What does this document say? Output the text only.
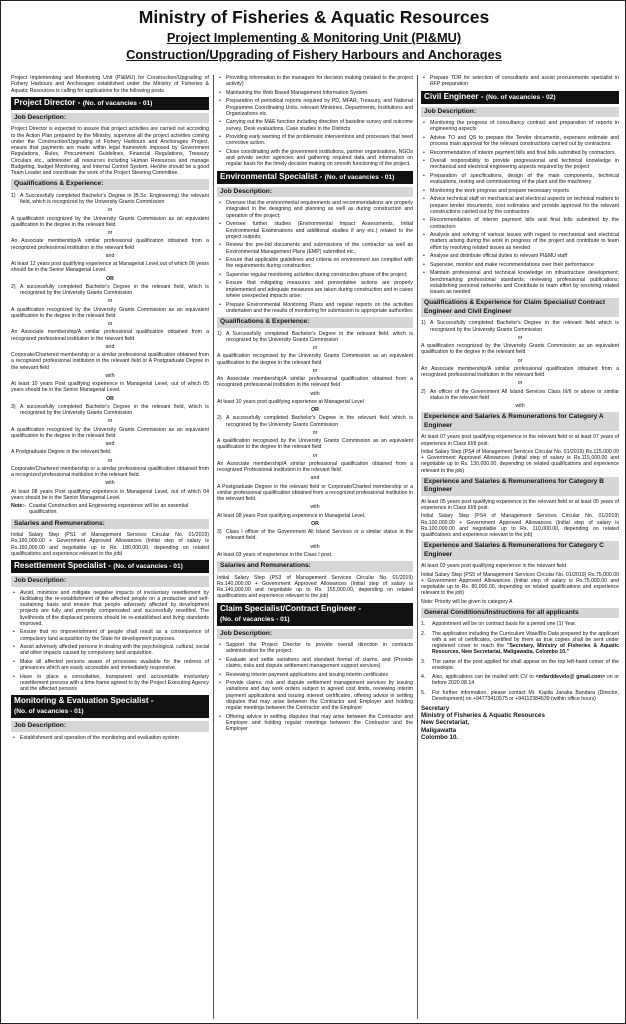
Ministry of Fisheries & Aquatic Resources
Project Implementing & Monitoring Unit (PI&MU)
Construction/Upgrading of Fishery Harbours and Anchorages

Project Implementing and Monitoring Unit (PI&MU) for Construction/Upgrading of Fishery Harbours and Anchorages established under the Ministry of Fisheries & Aquatic Resources is calling for applications for the following posts.

Project Director - (No. of vacancies - 01)
Job Description:

Project Director is expected to assure that project activities are carried out according to the Action Plan prepared by the Ministry, supervise all the project activities coming under the Construction/Upgrading of Fishery Harbours and Anchorages Project, ensure that payments are made within legal framework imposed by Government Regulations, Rules, Procurement Guidelines, Financial Regulations, Treasury Circulars etc., administer all resources including Human Resources and manage Budgeting, budget Monitoring, and Internal Control System. He/she should be a good Team Leader and coordinate the work of the Project Steering Committee.

Qualifications & Experience:
1) A Successfully completed Bachelor's Degree in (B.Sc. Engineering) the relevant field, which is recognized by the University Grants Commission
or

A qualification recognized by the University Grants Commission as an equivalent qualification to the degree in the relevant field

or

An Associate membership/A similar professional qualification obtained from a recognized professional institution in the relevant field

and

At least 12 years post qualifying experience at Managerial Level,out of which 06 years should be in the Senior Managerial Level.

OR
2) A successfully completed Bachelor's Degree in the relevant field, which is recognized by the University Grants Commission
or

A qualification recognized by the University Grants Commission as an equivalent qualification to the degree in the relevant field

or

An Associate membership/A similar professional qualification obtained from a recognized professional institution in the relevant field

and

Corporate/Chartered membership or a similar professional qualification obtained from a recognized professional institution in the relevant field or A Postgraduate Degree in the relevant field

with

At least 10 years Post qualifying experience in Managerial Level, out of which 05 years should be in the Senior Managerial Level.

OR
3) A successfully completed Bachelor's Degree in the relevant field, which is recognized by the University Grants Commission
or

A qualification recognized by the University Grants Commission as an equivalent qualification to the degree in the relevant field

and

A Postgraduate Degree in the relevant field.

or

Corporate/Chartered membership or a similar professional qualification obtained from a recognized professional institution in the relevant field.

with

At least 08 years Post qualifying experience in Managerial Level, out of which 04 years should be in the Senior Managerial Level.

Note:- Coastal Construction and Engineering experience will be an essential qualification.
Salaries and Remunerations:

Initial Salary Step (PS1 of Management Services Circular No. 01/2019) Rs.160,000.00 + Government Approved Allowances (Initial step of salary is Rs.160,000.00 and negotiable up to Rs. 180,000.00, depending on related qualifications and experience relevant to the job)

Resettlement Specialist - (No. of vacancies - 01)
Job Description:
• Avoid, minimize and mitigate negative impacts of involuntary resettlement by facilitating the re-establishment of the affected people on a productive and self-sustaining basis and ensure that people adversely affected by development projects are fully and promptly compensated and successfully resettled. The livelihoods of the displaced persons should be re-established and living standards improved.
• Ensure that no impoverishment of people shall result as a consequence of compulsory land acquisition by the State for development purposes.
• Assist adversely affected persons in dealing with the psychological, cultural, social and other impacts caused by compulsory land acquisition.
• Make all affected persons aware of processes available for the redress of grievances which are easily accessible and immediately responsive.
• Have in place a consultative, transparent and accountable involuntary resettlement process with a time frame agreed to by the Project Executing Agency and the affected persons
Monitoring & Evaluation Specialist -
(No. of vacancies - 01)
Job Description:
• Establishment and operation of the monitoring and evaluation system
• Providing information to the managers for decision making (related to the project activity)
• Maintaining the Web Based Management Information System.
• Preparation of periodical reports required by PD, MFAR, Treasury, and National Programme Coordinating Units, relevant Ministries, Departments, Institutions and Organizations etc.
• Carrying out the M&E function including direction of baseline survey and outcome survey, Desk evaluations, Case studies in the Districts
• Providing early warning of the problematic interventions and processes that need corrective action.
• Close coordinating with the government institutions, partner organisations, NGOs and private sector agencies and gathering required data and information on regular basis for the timely decision making on smooth functioning of the project.
Environmental Specialist - (No. of vacancies - 01)
Job Description:
• Oversee that the environmental requirements and recommendations are properly integrated in the designing and planning as well as during construction and operation of the project;
• Oversee further studies (Environmental Impact Assessments, Initial Environmental Examinations and additional studies if any etc.) related to the project outputs;
• Review the pre-bid documents and submissions of the contractor as well as Environmental Management Plans (EMP) submitted etc.;
• Ensure that applicable guidelines and criteria on environment are complied with the requirements during construction;
• Supervise regular monitoring activities during construction phase of the project;
• Ensure that mitigating measures and preventative actions are properly implemented and adequate measures are taken during construction and in cases where unexpected impacts arise;
• Prepare Environmental Monitoring Plans and regular reports on the activities undertaken and the results of monitoring for submission to appropriate authorities
Qualifications & Experience:
1) A Successfully completed Bachelor's Degree in the relevant field. which is recognized by the University Grants Commission
or

A qualification recognized by the University Grants Commission as an equivalent qualification to the degree in the relevant field

or

An Associate membership/A similar professional qualification obtained from a recognized professional institution in the relevant field

with

At least 10 years post qualifying experience at Managerial Level

OR
2) A successfully completed Bachelor's Degree in the relevant field which is recognized by the University Grants Commission
or

A qualification recognized by the University Grants Commission as an equivalent qualification to the degree in the relevant field

or

An Associate membership/A similar professional qualification obtained from a recognized Professional institution in the relevant field

and

A Postgraduate Degree in the relevant field or Corporate/Charted membership or a similar professional qualification obtained from a recognized professional institution in the relevant field.

with

At least 08 years Post qualifying experience in Managerial Level.

OR
3) Class I officer of the Government All Island Services or a similar status in the relevant field.
with

At least 03 years of experience in the Class I post.

Salaries and Remunerations:

Initial Salary Step (PS3 of Management Services Circular No. 01/2019) Rs.140,000.00 + Government Approved Allowances (Initial step of salary is Rs.140,000.00 and negotiable up to Rs. 155,000.00, depending on related qualifications and experience relevant to the job)

Claim Specialist/Contract Engineer -
(No. of vacancies - 01)
Job Description:
• Support the Project Director to provide overall direction in contracts administration for the project.
• Evaluate and settle variations and standard format of claims, and (Provide claims, risks and dispute settlement management support services)
• Reviewing interim payment applications and issuing interim certificates
• Provide claims, risk and dispute settlement management services by issuing variations and day work orders subject to agreed cost limits, reviewing interim payment applications and issuing interest certificates, offering advice in settling disputes that may arise between the Contractor and Employer and holding regular meetings between the Contractor and the Employer
• Offering advice in settling disputes that may arise between the Contractor and Employer and holding regular meetings between the Contractor and the Employer
• Prepare TOR for selection of consultants and assist procurements specialist in RFP preparation
Civil Engineer - (No. of vacancies - 02)
Job Description:
• Monitoring the progress of consultancy contract and preparation of reports in engineering aspects
• Advise TO and QS to prepare the Tender documents, expenses estimate and process main approval for the relevant constructions carried out by contractors.
• Recommendation of interim payment bills and final bills submitted by contractors.
• Overall responsibility to provide progressional and technical knowledge in mechanical and electrical engineering aspects required by the project
• Preparation of specifications, design of the main components, technical evaluations, testing and commissioning of the plant and the machinery
• Monitoring the work progress and prepare necessary reports
• Advice technical staff on mechanical and electrical aspects on technical matters to prepare tender documents, cost estimates and provide approval for the relevant constructions carried out by the contractors
• Recommendation of interim payment bills and final bills submitted by the contractors
• Analysis and solving of various issues with regard to mechanical and electrical matters arising during the work in progress of the project and contribute to team effort by resolving related issues as needed
• Analyse and distribute official duties to relevant PI&MU staff
• Supervise, monitor and make recommendations over their performance
• Maintain professional and technical knowledge on infrastructure development; benchmarking professional standards; reviewing professional publications; establishing personal networks and Contribute to team effort by resolving related issues as needed
Qualifications & Experience for Claim Specialist/ Contract Engineer and Civil Engineer
1) A Successfully completed Bachelor's Degree in the relevant field which is recognized by the University Grants Commission
or

A qualification recognized by the University Grants Commission as an equivalent qualification to the degree in the relevant field

or

An Associate membership/A similar professional qualification obtained from a recognized professional institution in the relevant field

or
2) An officer of the Government All Island Services Class III/II or above or similar status in the relevant field
with
Experience and Salaries & Remunerations for Category A Engineer

At least 07 years post qualifying experience in the relevant field or at least 07 years of experience in Class III/II post.

Initial Salary Step (PS4 of Management Services Circular No. 01/2019) Rs.115,000.00 + Government Approved Allowances (Initial step of salary is Rs.115,000.00 and negotiable up to Rs. 130,000.00, depending on related qualifications and experience relevant to the job)

Experience and Salaries & Remunerations for Category B Engineer

At least 05 years post qualifying experience in the relevant field or at least 05 years of experience in Class III/II post.

Initial Salary Step (PS4 of Management Services Circular No. 01/2019) Rs.100,000.00 + Government Approved Allowances (Initial step of salary is Rs.100,000.00 and negotiable up to Rs. 110,000.00, depending on related qualifications and experience relevant to the job)

Experience and Salaries & Remunerations for Category C Engineer

At least 03 years post qualifying experience in the relevant field

Initial Salary Step (PS5 of Management Services Circular No. 01/2019) Rs.75,000.00 + Government Approved Allowances (Initial step of salary is Rs.75,000.00 and negotiable up to Rs. 80,000.00, depending on related qualifications and experience relevant to the job)

Note: Priority will be given to category A

General Conditions/Instructions for all applicants
1. Appointment will be on contract basis for a period one (1) Year.
2. The application including the Curriculum Vitae/Bio Data prepared by the applicant with a set of certificates, certified by them as true copies shall be sent under registered cover to reach the "Secretary, Ministry of Fisheries & Aquatic Resources, New Secretariat, Maligawatta, Colombo 10."
3. The name of the post applied for shall appear on the top left-hand corner of the envelope.
4. Also, applications can be mailed with CV to <mfarddevelo@ gmail.com> on or before 2020.08.14
5. For further information, please contact Mr. Kapila Janaka Bandara (Director, Development) on +94773410575 or +94112384639 (within office hours)
Secretary
Ministry of Fisheries & Aquatic Resources
New Secretariat,
Maligawatta
Colombo 10.
